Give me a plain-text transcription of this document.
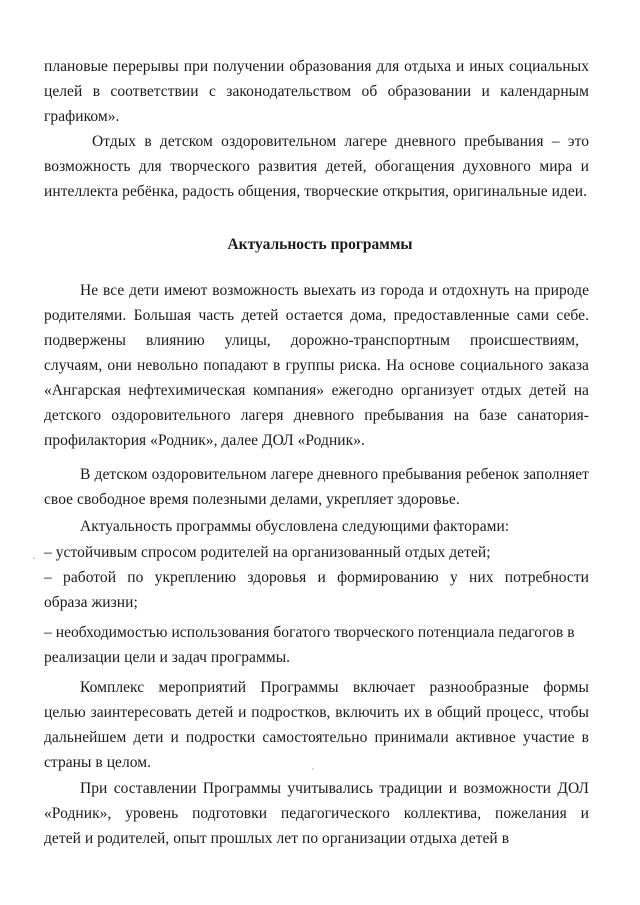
плановые перерывы при получении образования для отдыха и иных социальных
целей в соответствии с законодательством об образовании и календарным
графиком».
Отдых в детском оздоровительном лагере дневного пребывания – это
возможность для творческого развития детей, обогащения духовного мира и
интеллекта ребёнка, радость общения, творческие открытия, оригинальные идеи.
Актуальность программы
Не все дети имеют возможность выехать из города и отдохнуть на природе
родителями. Большая часть детей остается дома, предоставленные сами себе.
подвержены влиянию улицы, дорожно-транспортным происшествиям,
случаям, они невольно попадают в группы риска. На основе социального заказа
«Ангарская нефтехимическая компания» ежегодно организует отдых детей на
детского оздоровительного лагеря дневного пребывания на базе санатория-
профилактория «Родник», далее ДОЛ «Родник».
В детском оздоровительном лагере дневного пребывания ребенок заполняет
свое свободное время полезными делами, укрепляет здоровье.
Актуальность программы обусловлена следующими факторами:
– устойчивым спросом родителей на организованный отдых детей;
– работой по укреплению здоровья и формированию у них потребности
образа жизни;
– необходимостью использования богатого творческого потенциала педагогов в
реализации цели и задач программы.
Комплекс мероприятий Программы включает разнообразные формы
целью заинтересовать детей и подростков, включить их в общий процесс, чтобы
дальнейшем дети и подростки самостоятельно принимали активное участие в
страны в целом.
При составлении Программы учитывались традиции и возможности ДОЛ
«Родник», уровень подготовки педагогического коллектива, пожелания и
детей и родителей, опыт прошлых лет по организации отдыха детей в
